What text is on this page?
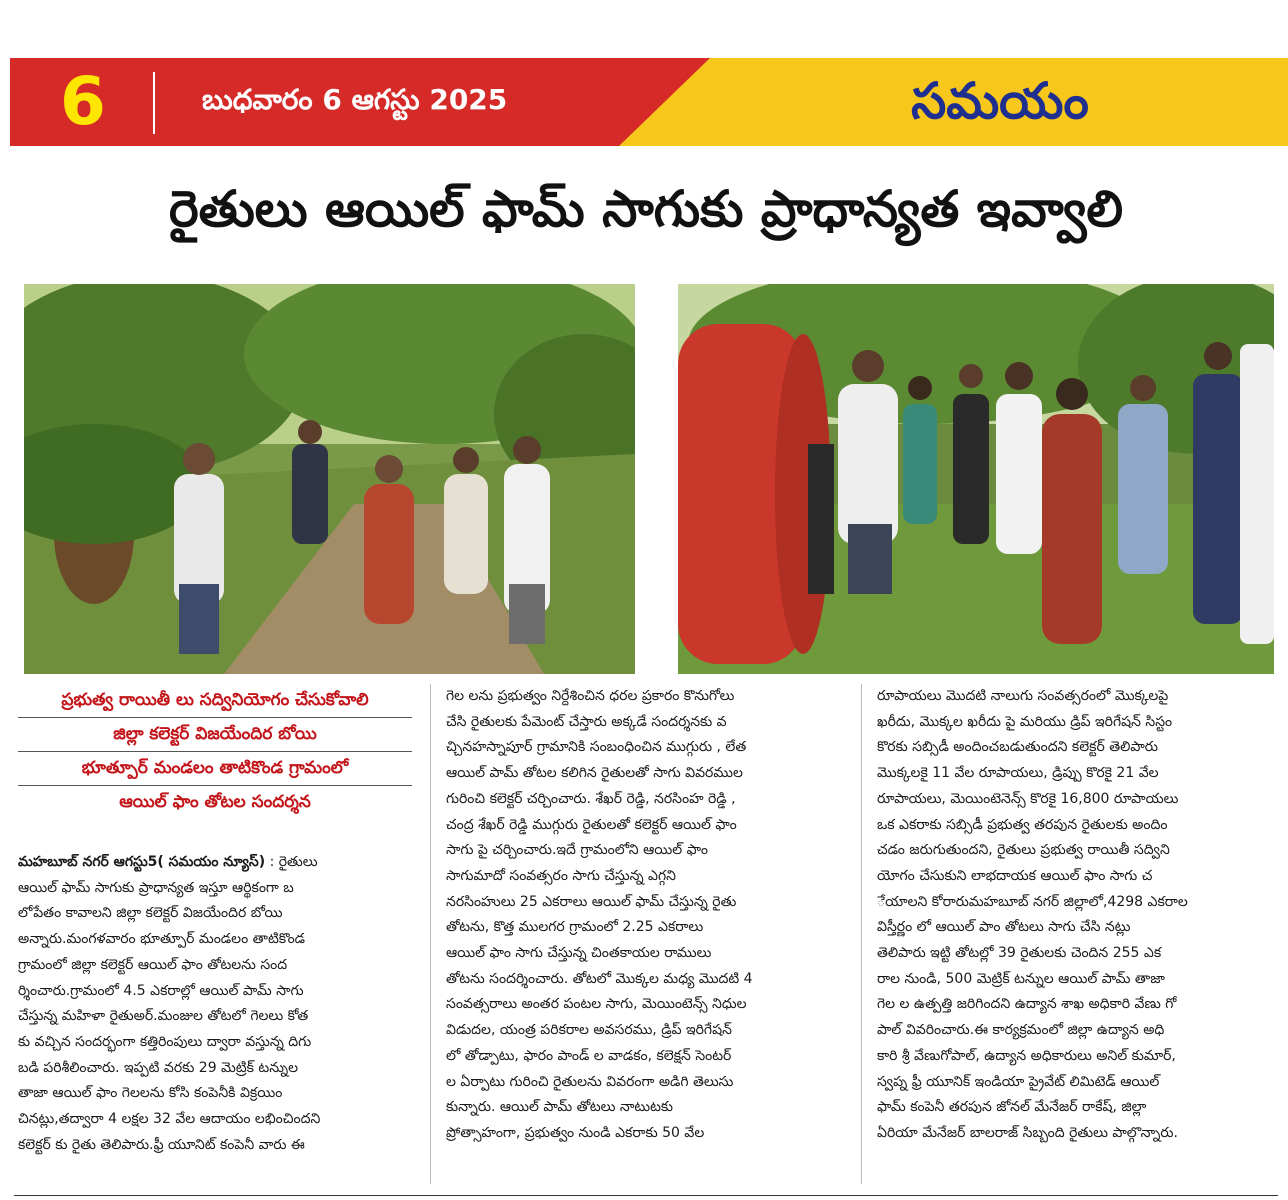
6	బుధవారం 6 ఆగస్టు 2025	సమయం
రైతులు ఆయిల్ ఫామ్ సాగుకు ప్రాధాన్యత ఇవ్వాలి
ప్రభుత్వ రాయితీ లు సద్వినియోగం చేసుకోవాలి
జిల్లా కలెక్టర్ విజయేందిర బోయి
భూత్పూర్ మండలం తాటికొండ గ్రామంలో
ఆయిల్ ఫాం తోటల సందర్శన
మహబూబ్ నగర్ ఆగస్టు5( సమయం న్యూస్) : రైతులు
ఆయిల్ ఫామ్ సాగుకు ప్రాధాన్యత ఇస్తూ ఆర్థికంగా బ
లోపేతం కావాలని జిల్లా కలెక్టర్ విజయేందిర బోయి
అన్నారు.మంగళవారం భూత్పూర్ మండలం తాటికొండ
గ్రామంలో జిల్లా కలెక్టర్ ఆయిల్ ఫాం తోటలను సంద
ర్శించారు.గ్రామంలో 4.5 ఎకరాల్లో ఆయిల్ పామ్ సాగు
చేస్తున్న మహిళా రైతుఅర్.మంజుల తోటలో గెలలు కోత
కు వచ్చిన సందర్భంగా కత్తిరింపులు ద్వారా వస్తున్న దిగు
బడి పరిశీలించారు. ఇప్పటి వరకు 29 మెట్రిక్ టన్నుల
తాజా ఆయిల్ ఫాం గెలలను కోసి కంపెనీకి విక్రయిం
చినట్లు,తద్వారా 4 లక్షల 32 వేల ఆదాయం లభించిందని
కలెక్టర్ కు రైతు తెలిపారు.ఫ్రీ యూనిట్ కంపెనీ వారు ఈ
గెల లను ప్రభుత్వం నిర్దేశించిన ధరల ప్రకారం కొనుగోలు
చేసి రైతులకు పేమెంట్ చేస్తారు అక్కడే సందర్శనకు వ
చ్చినహస్నాపూర్ గ్రామానికి సంబంధించిన ముగ్గురు , లేత
ఆయిల్ పామ్ తోటల కలిగిన రైతులతో సాగు వివరముల
గురించి కలెక్టర్ చర్చించారు. శేఖర్ రెడ్డి, నరసింహ రెడ్డి ,
చంద్ర శేఖర్ రెడ్డి ముగ్గురు రైతులతో కలెక్టర్ ఆయిల్ ఫాం
సాగు పై చర్చించారు.ఇదే గ్రామంలోని ఆయిల్ ఫాం
సాగుమాదో సంవత్సరం సాగు చేస్తున్న ఎగ్గని
నరసింహులు 25 ఎకరాలు ఆయిల్ ఫామ్ చేస్తున్న రైతు
తోటను, కొత్త ములగర గ్రామంలో 2.25 ఎకరాలు
ఆయిల్ ఫాం సాగు చేస్తున్న చింతకాయల రాములు
తోటను సందర్శించారు. తోటలో మొక్కల మధ్య మొదటి 4
సంవత్సరాలు అంతర పంటల సాగు, మెయింటెన్స్ నిధుల
విడుదల, యంత్ర పరికరాల అవసరము, డ్రిప్ ఇరిగేషన్
లో తోడ్పాటు, ఫారం పాండ్ ల వాడకం, కలెక్షన్ సెంటర్
ల ఏర్పాటు గురించి రైతులను వివరంగా అడిగి తెలుసు
కున్నారు. ఆయిల్ పామ్ తోటలు నాటుటకు
ప్రోత్సాహంగా, ప్రభుత్వం నుండి ఎకరాకు 50 వేల
రూపాయలు మొదటి నాలుగు సంవత్సరంలో మొక్కలపై
ఖరీదు, మొక్కల ఖరీదు పై మరియు డ్రిప్ ఇరిగేషన్ సిస్టం
కొరకు సబ్సిడీ అందించబడుతుందని కలెక్టర్ తెలిపారు
మొక్కలకై 11 వేల రూపాయలు, డ్రిప్పు కొరకై 21 వేల
రూపాయలు, మెయింటెనెన్స్ కొరకై 16,800 రూపాయలు
ఒక ఎకరాకు సబ్సిడీ ప్రభుత్వ తరపున రైతులకు అందిం
చడం జరుగుతుందని, రైతులు ప్రభుత్వ రాయితీ సద్విని
యోగం చేసుకుని లాభదాయక ఆయిల్ ఫాం సాగు చ
ేయాలని కోరారుమహబూబ్ నగర్ జిల్లాలో,4298 ఎకరాల
విస్తీర్ణం లో ఆయిల్ పాం తోటలు సాగు చేసి నట్లు
తెలిపారు ఇట్టి తోటల్లో 39 రైతులకు చెందిన 255 ఎక
రాల నుండి, 500 మెట్రిక్ టన్నుల ఆయిల్ పామ్ తాజా
గెల ల ఉత్పత్తి జరిగిందని ఉద్యాన శాఖ అధికారి వేణు గో
పాల్ వివరించారు.ఈ కార్యక్రమంలో జిల్లా ఉద్యాన అధి
కారి శ్రీ వేణుగోపాల్, ఉద్యాన అధికారులు అనిల్ కుమార్,
స్వప్న ఫ్రీ యూనిక్ ఇండియా ప్రైవేట్ లిమిటెడ్ ఆయిల్
ఫామ్ కంపెనీ తరపున జోనల్ మేనేజర్ రాకేష్, జిల్లా
ఏరియా మేనేజర్ బాలరాజ్ సిబ్బంది రైతులు పాల్గొన్నారు.
